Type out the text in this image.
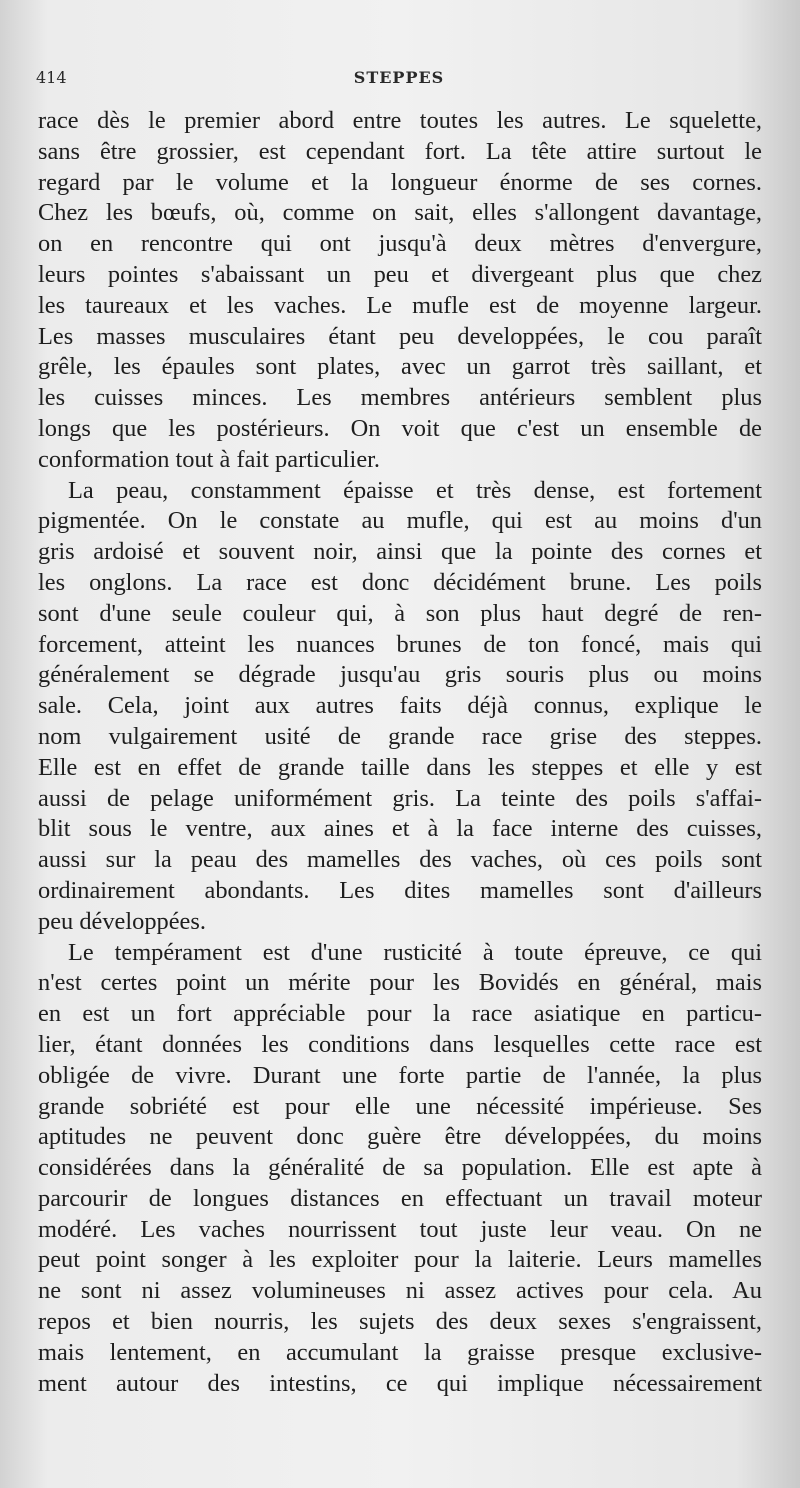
414	STEPPES
race dès le premier abord entre toutes les autres. Le squelette,
sans être grossier, est cependant fort. La tête attire surtout le
regard par le volume et la longueur énorme de ses cornes.
Chez les bœufs, où, comme on sait, elles s'allongent davantage,
on en rencontre qui ont jusqu'à deux mètres d'envergure,
leurs pointes s'abaissant un peu et divergeant plus que chez
les taureaux et les vaches. Le mufle est de moyenne largeur.
Les masses musculaires étant peu developpées, le cou paraît
grêle, les épaules sont plates, avec un garrot très saillant, et
les cuisses minces. Les membres antérieurs semblent plus
longs que les postérieurs. On voit que c'est un ensemble de
conformation tout à fait particulier.
La peau, constamment épaisse et très dense, est fortement
pigmentée. On le constate au mufle, qui est au moins d'un
gris ardoisé et souvent noir, ainsi que la pointe des cornes et
les onglons. La race est donc décidément brune. Les poils
sont d'une seule couleur qui, à son plus haut degré de ren-
forcement, atteint les nuances brunes de ton foncé, mais qui
généralement se dégrade jusqu'au gris souris plus ou moins
sale. Cela, joint aux autres faits déjà connus, explique le
nom vulgairement usité de grande race grise des steppes.
Elle est en effet de grande taille dans les steppes et elle y est
aussi de pelage uniformément gris. La teinte des poils s'affai-
blit sous le ventre, aux aines et à la face interne des cuisses,
aussi sur la peau des mamelles des vaches, où ces poils sont
ordinairement abondants. Les dites mamelles sont d'ailleurs
peu développées.
Le tempérament est d'une rusticité à toute épreuve, ce qui
n'est certes point un mérite pour les Bovidés en général, mais
en est un fort appréciable pour la race asiatique en particu-
lier, étant données les conditions dans lesquelles cette race est
obligée de vivre. Durant une forte partie de l'année, la plus
grande sobriété est pour elle une nécessité impérieuse. Ses
aptitudes ne peuvent donc guère être développées, du moins
considérées dans la généralité de sa population. Elle est apte à
parcourir de longues distances en effectuant un travail moteur
modéré. Les vaches nourrissent tout juste leur veau. On ne
peut point songer à les exploiter pour la laiterie. Leurs mamelles
ne sont ni assez volumineuses ni assez actives pour cela. Au
repos et bien nourris, les sujets des deux sexes s'engraissent,
mais lentement, en accumulant la graisse presque exclusive-
ment autour des intestins, ce qui implique nécessairement
